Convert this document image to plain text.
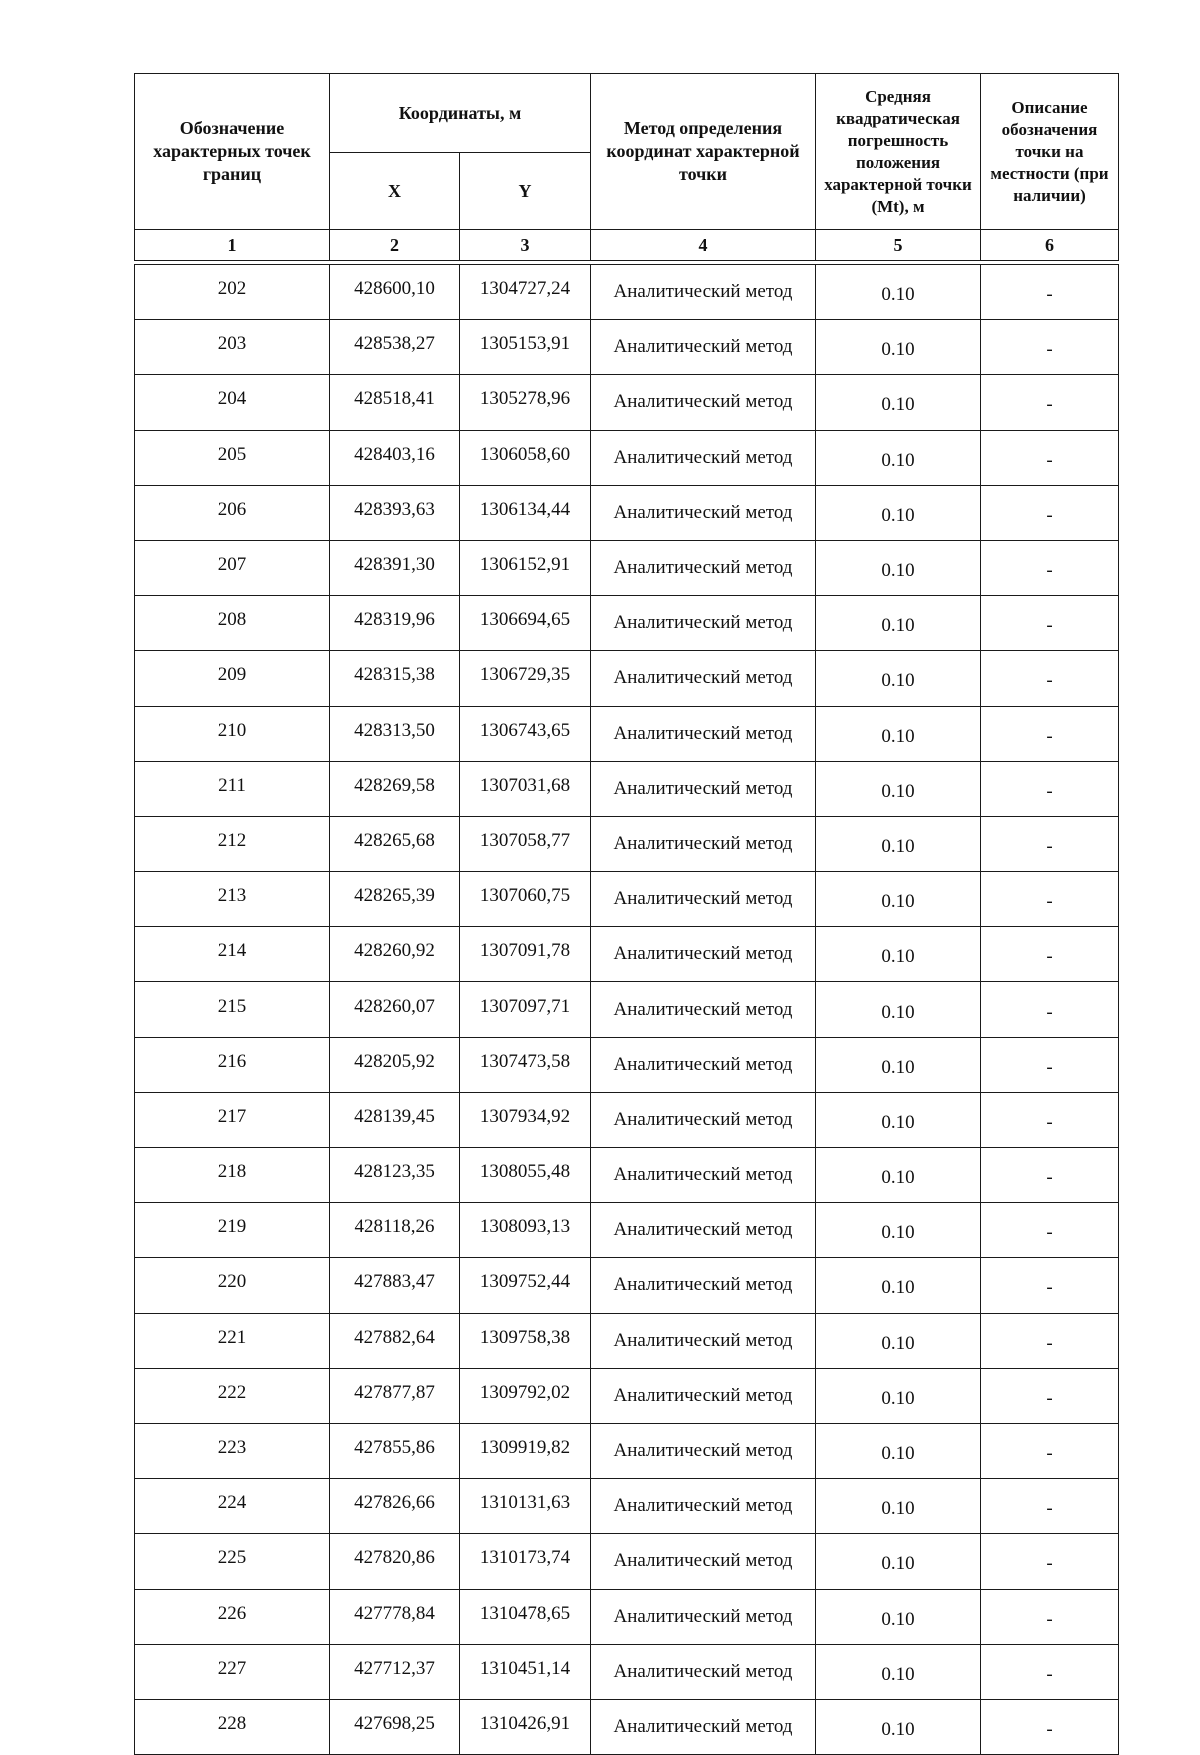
Обозначение характерных точек границ	Координаты, м		Метод определения координат характерной точки	Средняя квадратическая погрешность положения характерной точки (Mt), м	Описание обозначения точки на местности (при наличии)
	X	Y			
1	2	3	4	5	6

202	428600,10	1304727,24	Аналитический метод	0.10	-
203	428538,27	1305153,91	Аналитический метод	0.10	-
204	428518,41	1305278,96	Аналитический метод	0.10	-
205	428403,16	1306058,60	Аналитический метод	0.10	-
206	428393,63	1306134,44	Аналитический метод	0.10	-
207	428391,30	1306152,91	Аналитический метод	0.10	-
208	428319,96	1306694,65	Аналитический метод	0.10	-
209	428315,38	1306729,35	Аналитический метод	0.10	-
210	428313,50	1306743,65	Аналитический метод	0.10	-
211	428269,58	1307031,68	Аналитический метод	0.10	-
212	428265,68	1307058,77	Аналитический метод	0.10	-
213	428265,39	1307060,75	Аналитический метод	0.10	-
214	428260,92	1307091,78	Аналитический метод	0.10	-
215	428260,07	1307097,71	Аналитический метод	0.10	-
216	428205,92	1307473,58	Аналитический метод	0.10	-
217	428139,45	1307934,92	Аналитический метод	0.10	-
218	428123,35	1308055,48	Аналитический метод	0.10	-
219	428118,26	1308093,13	Аналитический метод	0.10	-
220	427883,47	1309752,44	Аналитический метод	0.10	-
221	427882,64	1309758,38	Аналитический метод	0.10	-
222	427877,87	1309792,02	Аналитический метод	0.10	-
223	427855,86	1309919,82	Аналитический метод	0.10	-
224	427826,66	1310131,63	Аналитический метод	0.10	-
225	427820,86	1310173,74	Аналитический метод	0.10	-
226	427778,84	1310478,65	Аналитический метод	0.10	-
227	427712,37	1310451,14	Аналитический метод	0.10	-
228	427698,25	1310426,91	Аналитический метод	0.10	-
